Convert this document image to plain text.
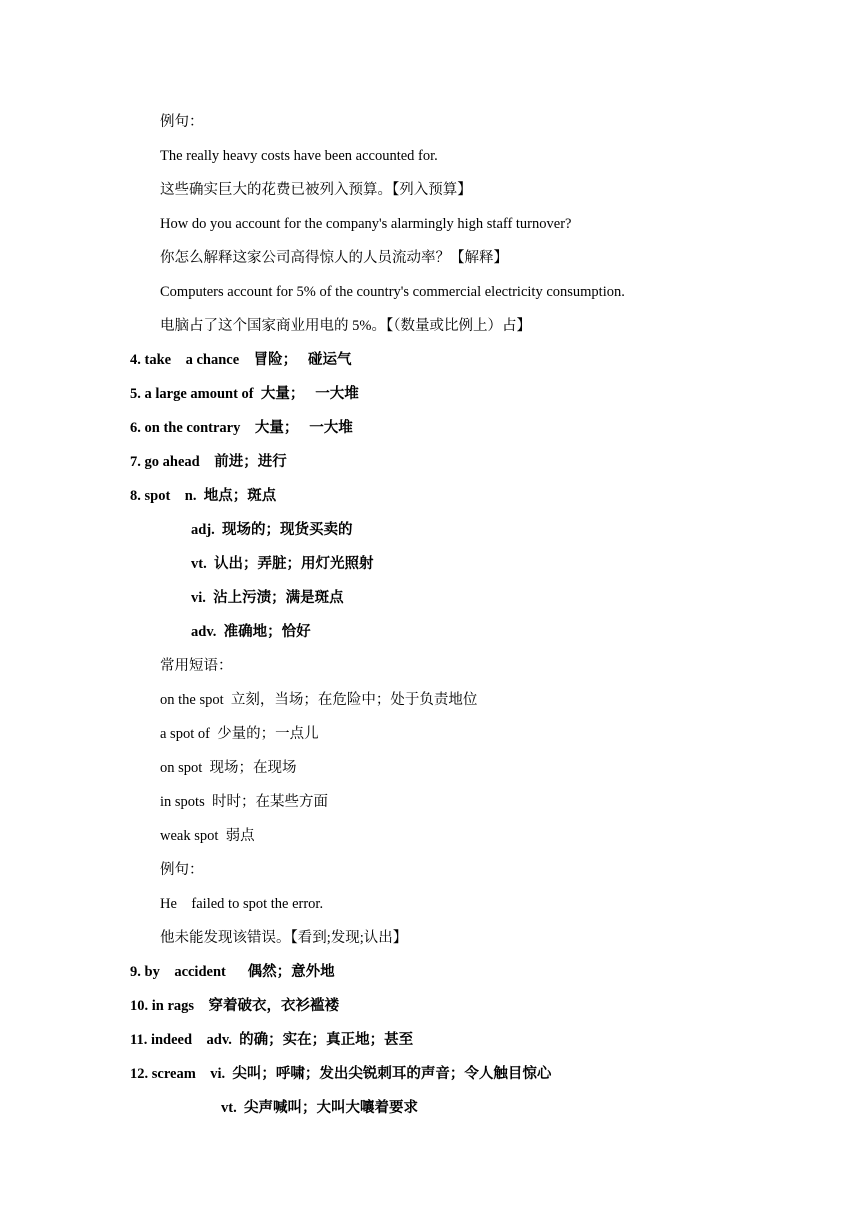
例句：
The really heavy costs have been accounted for.
这些确实巨大的花费已被列入预算。【列入预算】
How do you account for the company's alarmingly high staff turnover?
你怎么解释这家公司高得惊人的人员流动率？【解释】
Computers account for 5% of the country's commercial electricity consumption.
电脑占了这个国家商业用电的 5%。【（数量或比例上）占】
4. take    a chance    冒险；   碰运气
5. a large amount of  大量；   一大堆
6. on the contrary    大量；   一大堆
7. go ahead    前进；进行
8. spot    n.  地点；斑点
adj.  现场的；现货买卖的
vt.  认出；弄脏；用灯光照射
vi.  沾上污渍；满是斑点
adv.  准确地；恰好
常用短语：
on the spot  立刻，当场；在危险中；处于负责地位
a spot of  少量的；一点儿
on spot  现场；在现场
in spots  时时；在某些方面
weak spot  弱点
例句：
He    failed to spot the error.
他未能发现该错误。【看到;发现;认出】
9. by    accident      偶然；意外地
10. in rags    穿着破衣，衣衫褴褛
11. indeed    adv.  的确；实在；真正地；甚至
12. scream    vi.  尖叫；呼啸；发出尖锐刺耳的声音；令人触目惊心
vt.  尖声喊叫；大叫大嚷着要求
